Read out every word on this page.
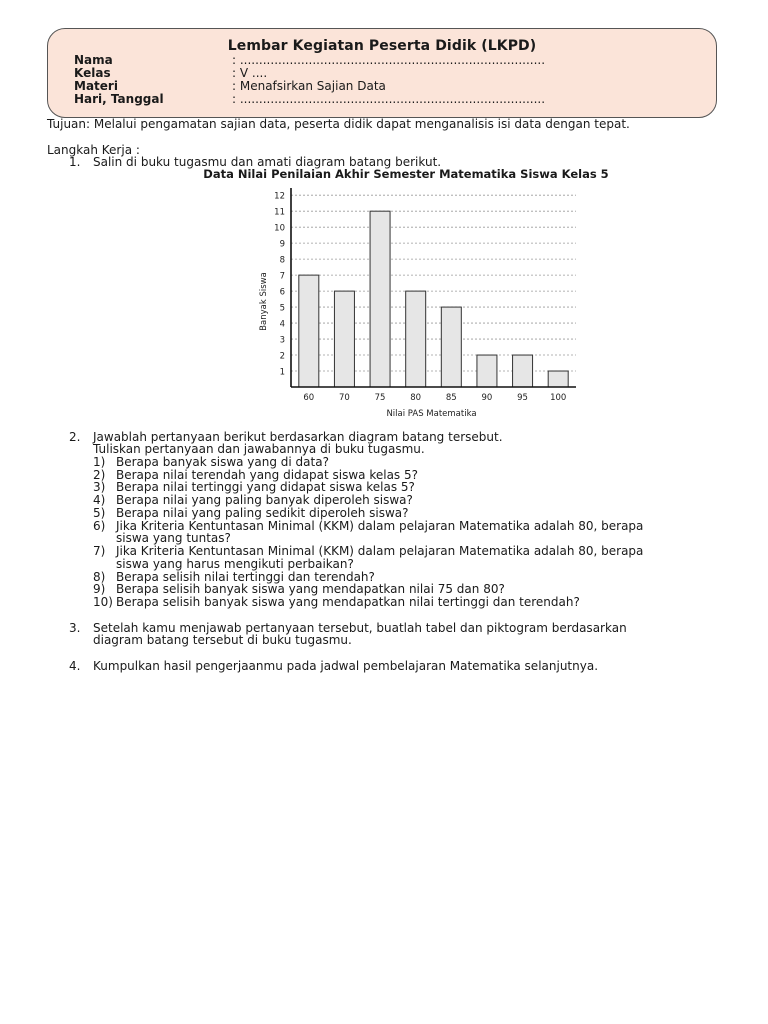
Lembar Kegiatan Peserta Didik (LKPD)
Nama	: ................................................................................
Kelas	: V ....
Materi	: Menafsirkan Sajian Data
Hari, Tanggal	: ................................................................................
Tujuan: Melalui pengamatan sajian data, peserta didik dapat menganalisis isi data dengan tepat.
Langkah Kerja :
1. Salin di buku tugasmu dan amati diagram batang berikut.
Data Nilai Penilaian Akhir Semester Matematika Siswa Kelas 5
1
2
3
4
5
6
7
8
9
10
11
12
60	70	75	80	85	90	95	100
Nilai PAS Matematika
Banyak Siswa
2. Jawablah pertanyaan berikut berdasarkan diagram batang tersebut.
Tuliskan pertanyaan dan jawabannya di buku tugasmu.
1) Berapa banyak siswa yang di data?
2) Berapa nilai terendah yang didapat siswa kelas 5?
3) Berapa nilai tertinggi yang didapat siswa kelas 5?
4) Berapa nilai yang paling banyak diperoleh siswa?
5) Berapa nilai yang paling sedikit diperoleh siswa?
6) Jika Kriteria Kentuntasan Minimal (KKM) dalam pelajaran Matematika adalah 80, berapa
siswa yang tuntas?
7) Jika Kriteria Kentuntasan Minimal (KKM) dalam pelajaran Matematika adalah 80, berapa
siswa yang harus mengikuti perbaikan?
8) Berapa selisih nilai tertinggi dan terendah?
9) Berapa selisih banyak siswa yang mendapatkan nilai 75 dan 80?
10) Berapa selisih banyak siswa yang mendapatkan nilai tertinggi dan terendah?
3. Setelah kamu menjawab pertanyaan tersebut, buatlah tabel dan piktogram berdasarkan
diagram batang tersebut di buku tugasmu.
4. Kumpulkan hasil pengerjaanmu pada jadwal pembelajaran Matematika selanjutnya.
